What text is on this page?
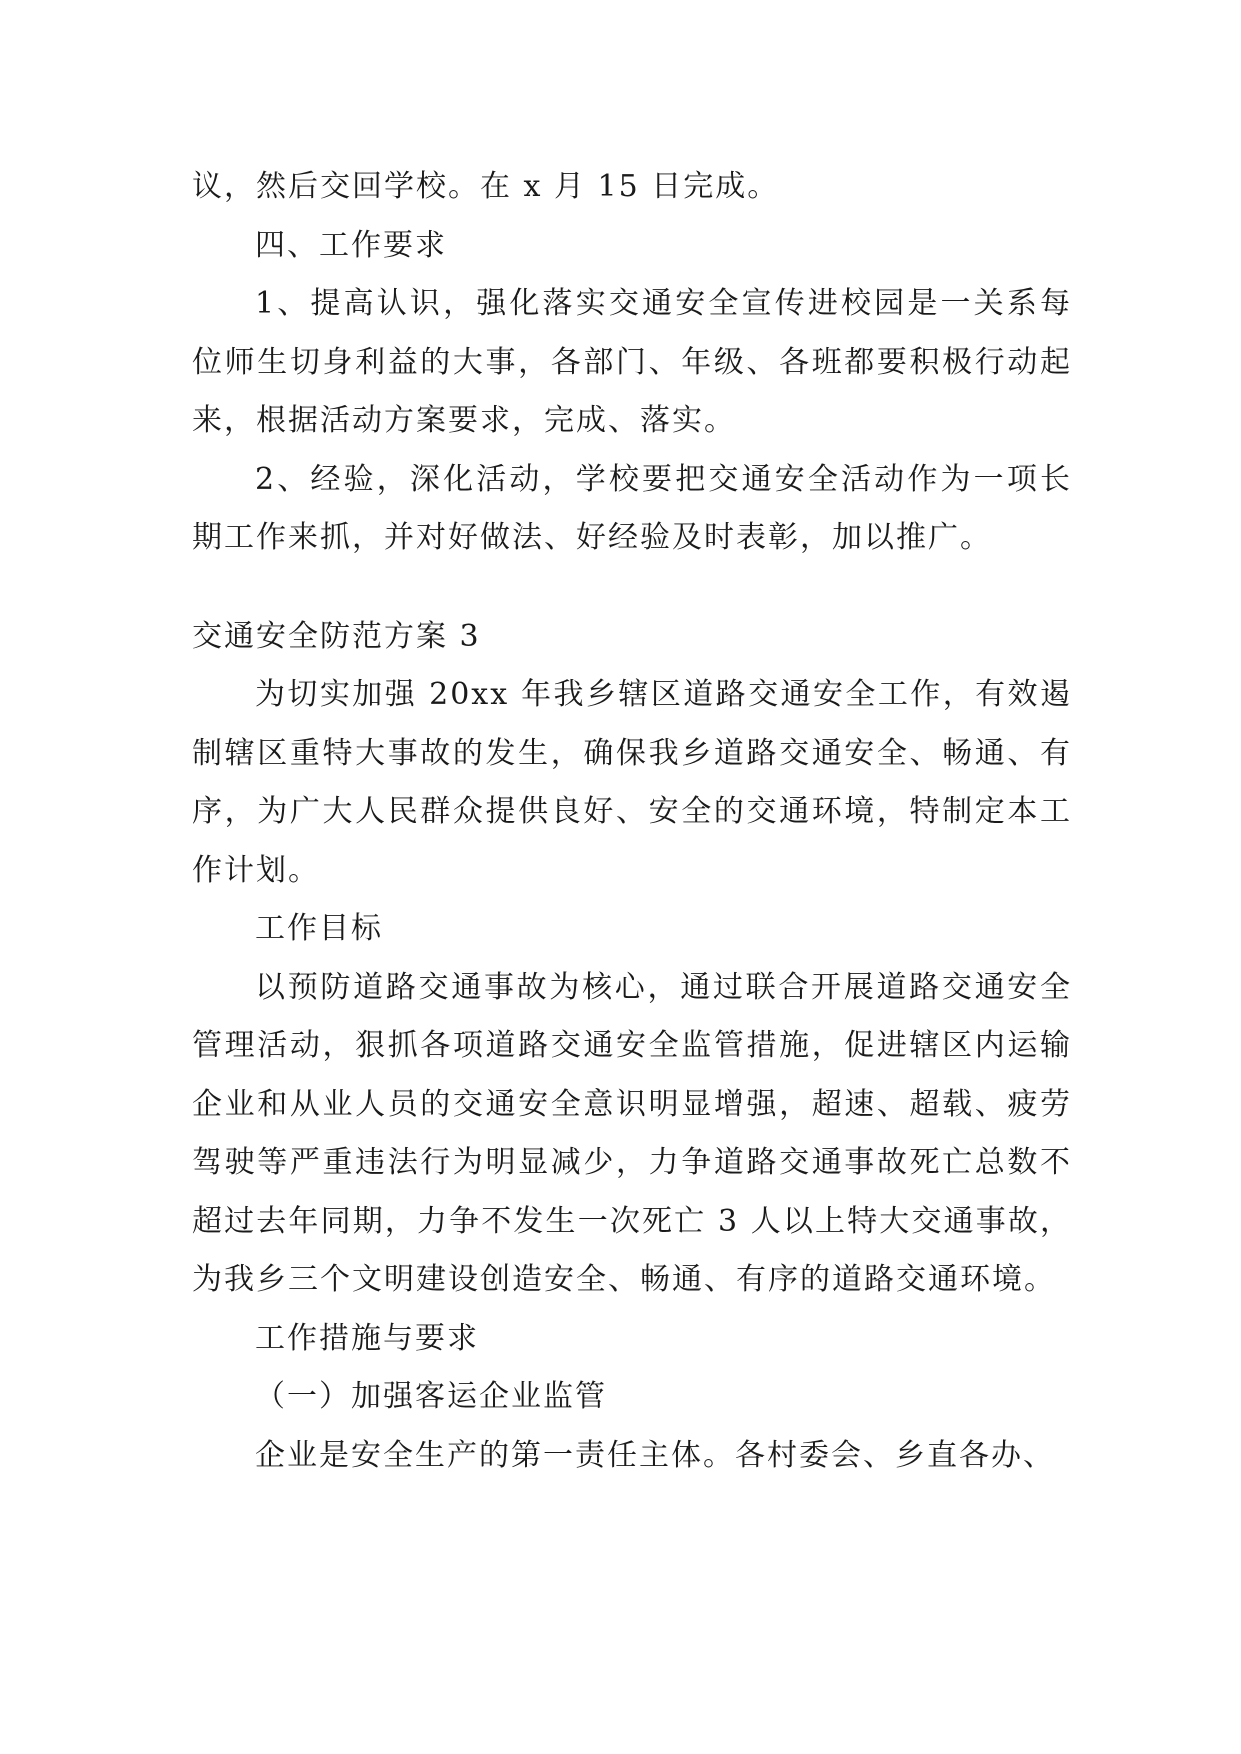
议，然后交回学校。在 x 月 15 日完成。

四、工作要求

1、提高认识，强化落实交通安全宣传进校园是一关系每位师生切身利益的大事，各部门、年级、各班都要积极行动起来，根据活动方案要求，完成、落实。

2、经验，深化活动，学校要把交通安全活动作为一项长期工作来抓，并对好做法、好经验及时表彰，加以推广。

交通安全防范方案 3

为切实加强 20xx 年我乡辖区道路交通安全工作，有效遏制辖区重特大事故的发生，确保我乡道路交通安全、畅通、有序，为广大人民群众提供良好、安全的交通环境，特制定本工作计划。

工作目标

以预防道路交通事故为核心，通过联合开展道路交通安全管理活动，狠抓各项道路交通安全监管措施，促进辖区内运输企业和从业人员的交通安全意识明显增强，超速、超载、疲劳驾驶等严重违法行为明显减少，力争道路交通事故死亡总数不超过去年同期，力争不发生一次死亡 3 人以上特大交通事故，为我乡三个文明建设创造安全、畅通、有序的道路交通环境。

工作措施与要求

（一）加强客运企业监管

企业是安全生产的第一责任主体。各村委会、乡直各办、
